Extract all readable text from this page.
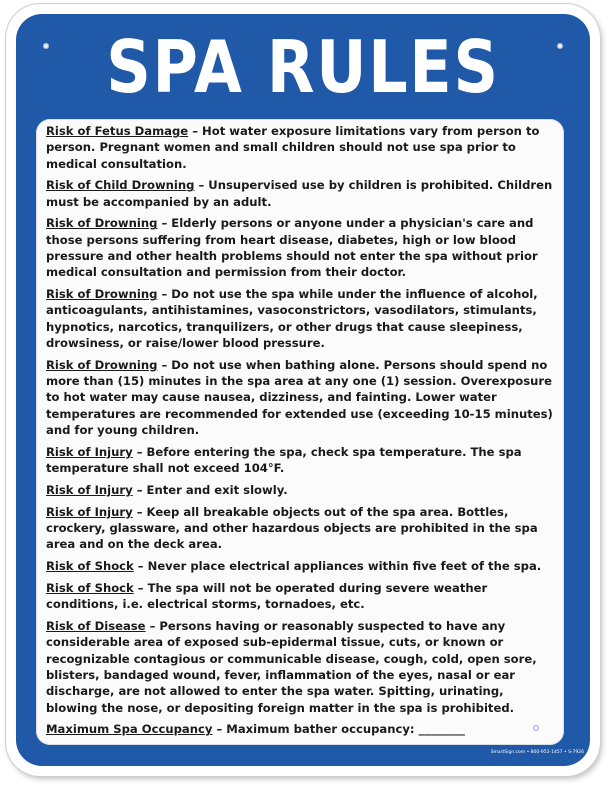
SPA RULES

Risk of Fetus Damage – Hot water exposure limitations vary from person to person. Pregnant women and small children should not use spa prior to medical consultation.

Risk of Child Drowning – Unsupervised use by children is prohibited. Children must be accompanied by an adult.

Risk of Drowning – Elderly persons or anyone under a physician's care and those persons suffering from heart disease, diabetes, high or low blood pressure and other health problems should not enter the spa without prior medical consultation and permission from their doctor.

Risk of Drowning – Do not use the spa while under the influence of alcohol, anticoagulants, antihistamines, vasoconstrictors, vasodilators, stimulants, hypnotics, narcotics, tranquilizers, or other drugs that cause sleepiness, drowsiness, or raise/lower blood pressure.

Risk of Drowning – Do not use when bathing alone. Persons should spend no more than (15) minutes in the spa area at any one (1) session. Overexposure to hot water may cause nausea, dizziness, and fainting. Lower water temperatures are recommended for extended use (exceeding 10-15 minutes) and for young children.

Risk of Injury – Before entering the spa, check spa temperature. The spa temperature shall not exceed 104°F.

Risk of Injury – Enter and exit slowly.

Risk of Injury – Keep all breakable objects out of the spa area. Bottles, crockery, glassware, and other hazardous objects are prohibited in the spa area and on the deck area.

Risk of Shock – Never place electrical appliances within five feet of the spa.

Risk of Shock – The spa will not be operated during severe weather conditions, i.e. electrical storms, tornadoes, etc.

Risk of Disease – Persons having or reasonably suspected to have any considerable area of exposed sub-epidermal tissue, cuts, or known or recognizable contagious or communicable disease, cough, cold, open sore, blisters, bandaged wound, fever, inflammation of the eyes, nasal or ear discharge, are not allowed to enter the spa water. Spitting, urinating, blowing the nose, or depositing foreign matter in the spa is prohibited.

Maximum Spa Occupancy – Maximum bather occupancy: ________

SmartSign.com • 800-952-1457 • S-7926
